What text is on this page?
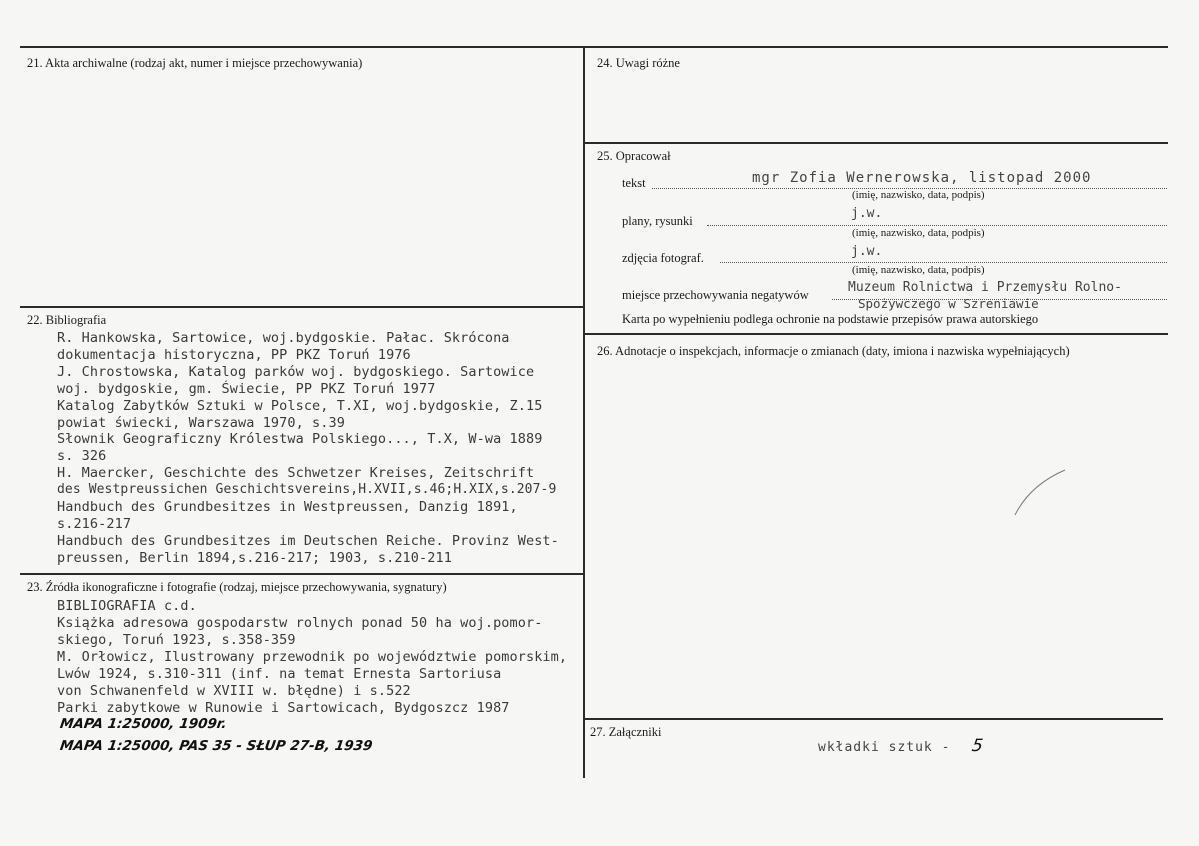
21. Akta archiwalne (rodzaj akt, numer i miejsce przechowywania)
22. Bibliografia
R. Hankowska, Sartowice, woj.bydgoskie. Pałac. Skrócona
dokumentacja historyczna, PP PKZ Toruń 1976
J. Chrostowska, Katalog parków woj. bydgoskiego. Sartowice
woj. bydgoskie, gm. Świecie, PP PKZ Toruń 1977
Katalog Zabytków Sztuki w Polsce, T.XI, woj.bydgoskie, Z.15
powiat świecki, Warszawa 1970, s.39
Słownik Geograficzny Królestwa Polskiego..., T.X, W-wa 1889
s. 326
H. Maercker, Geschichte des Schwetzer Kreises, Zeitschrift
des Westpreussichen Geschichtsvereins,H.XVII,s.46;H.XIX,s.207-9
Handbuch des Grundbesitzes in Westpreussen, Danzig 1891,
s.216-217
Handbuch des Grundbesitzes im Deutschen Reiche. Provinz West-
preussen, Berlin 1894,s.216-217; 1903, s.210-211
23. Źródła ikonograficzne i fotografie (rodzaj, miejsce przechowywania, sygnatury)
BIBLIOGRAFIA c.d.
Książka adresowa gospodarstw rolnych ponad 50 ha woj.pomor-
skiego, Toruń 1923, s.358-359
M. Orłowicz, Ilustrowany przewodnik po województwie pomorskim,
Lwów 1924, s.310-311 (inf. na temat Ernesta Sartoriusa
von Schwanenfeld w XVIII w. błędne) i s.522
Parki zabytkowe w Runowie i Sartowicach, Bydgoszcz 1987
MAPA 1:25000, 1909r.
MAPA 1:25000, PAS 35 - SŁUP 27-B, 1939
24. Uwagi różne
25. Opracował
tekst	mgr Zofia Wernerowska, listopad 2000
(imię, nazwisko, data, podpis)
plany, rysunki	j.w.
(imię, nazwisko, data, podpis)
zdjęcia fotograf.	j.w.
(imię, nazwisko, data, podpis)
miejsce przechowywania negatywów	Muzeum Rolnictwa i Przemysłu Rolno-
Spożywczego w Szreniawie
Karta po wypełnieniu podlega ochronie na podstawie przepisów prawa autorskiego
26. Adnotacje o inspekcjach, informacje o zmianach (daty, imiona i nazwiska wypełniających)
27. Załączniki
wkładki sztuk - 5
